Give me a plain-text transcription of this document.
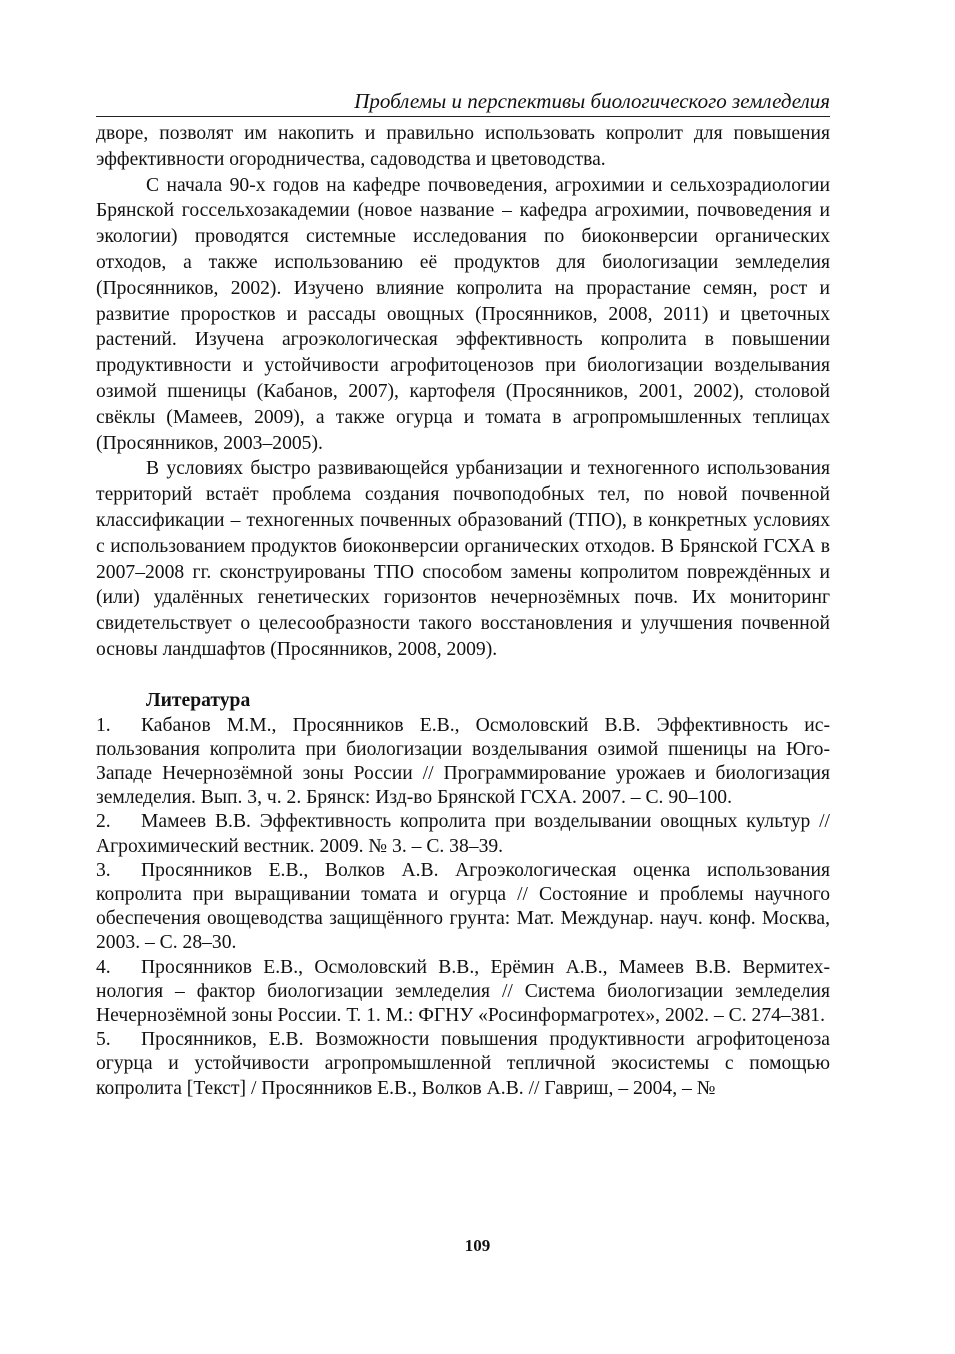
Проблемы и перспективы биологического земледелия

дворе, позволят им накопить и правильно использовать копролит для повышения эффективности огородничества, садоводства и цветоводства.

С начала 90-х годов на кафедре почвоведения, агрохимии и сельхозрадиологии Брянской госсельхозакадемии (новое название – кафедра агрохимии, почвоведения и экологии) проводятся системные исследования по биоконверсии органических отходов, а также использованию её продуктов для биологизации земледелия (Просянников, 2002). Изучено влияние копролита на прорастание семян, рост и развитие проростков и рассады овощных (Просянников, 2008, 2011) и цветочных растений. Изучена агроэкологическая эффективность копролита в повышении продуктивности и устойчивости агрофитоценозов при биологизации возделывания озимой пшеницы (Кабанов, 2007), картофеля (Просянников, 2001, 2002), столовой свёклы (Мамеев, 2009), а также огурца и томата в агропромышленных теплицах (Просянников, 2003–2005).

В условиях быстро развивающейся урбанизации и техногенного использования территорий встаёт проблема создания почвоподобных тел, по новой почвенной классификации – техногенных почвенных образований (ТПО), в конкретных условиях с использованием продуктов биоконверсии органических отходов. В Брянской ГСХА в 2007–2008 гг. сконструированы ТПО способом замены копролитом повреждённых и (или) удалённых генетических горизонтов нечернозёмных почв. Их мониторинг свидетельствует о целесообразности такого восстановления и улучшения почвенной основы ландшафтов (Просянников, 2008, 2009).

Литература

1. Кабанов М.М., Просянников Е.В., Осмоловский В.В. Эффективность использования копролита при биологизации возделывания озимой пшеницы на Юго-Западе Нечернозёмной зоны России // Программирование урожаев и биологизация земледелия. Вып. 3, ч. 2. Брянск: Изд-во Брянской ГСХА. 2007. – С. 90–100.

2. Мамеев В.В. Эффективность копролита при возделывании овощных культур //Агрохимический вестник. 2009. № 3. – С. 38–39.

3. Просянников Е.В., Волков А.В. Агроэкологическая оценка использования копролита при выращивании томата и огурца // Состояние и проблемы научного обеспечения овощеводства защищённого грунта: Мат. Междунар. науч. конф. Москва, 2003. – С. 28–30.

4. Просянников Е.В., Осмоловский В.В., Ерёмин А.В., Мамеев В.В. Вермитехнология – фактор биологизации земледелия // Система биологизации земледелия Нечернозёмной зоны России. Т. 1. М.: ФГНУ «Росинформагротех», 2002. – С. 274–381.

5. Просянников, Е.В. Возможности повышения продуктивности агрофитоценоза огурца и устойчивости агропромышленной тепличной экосистемы с помощью копролита [Текст] / Просянников Е.В., Волков А.В. // Гавриш, – 2004, – №

109
